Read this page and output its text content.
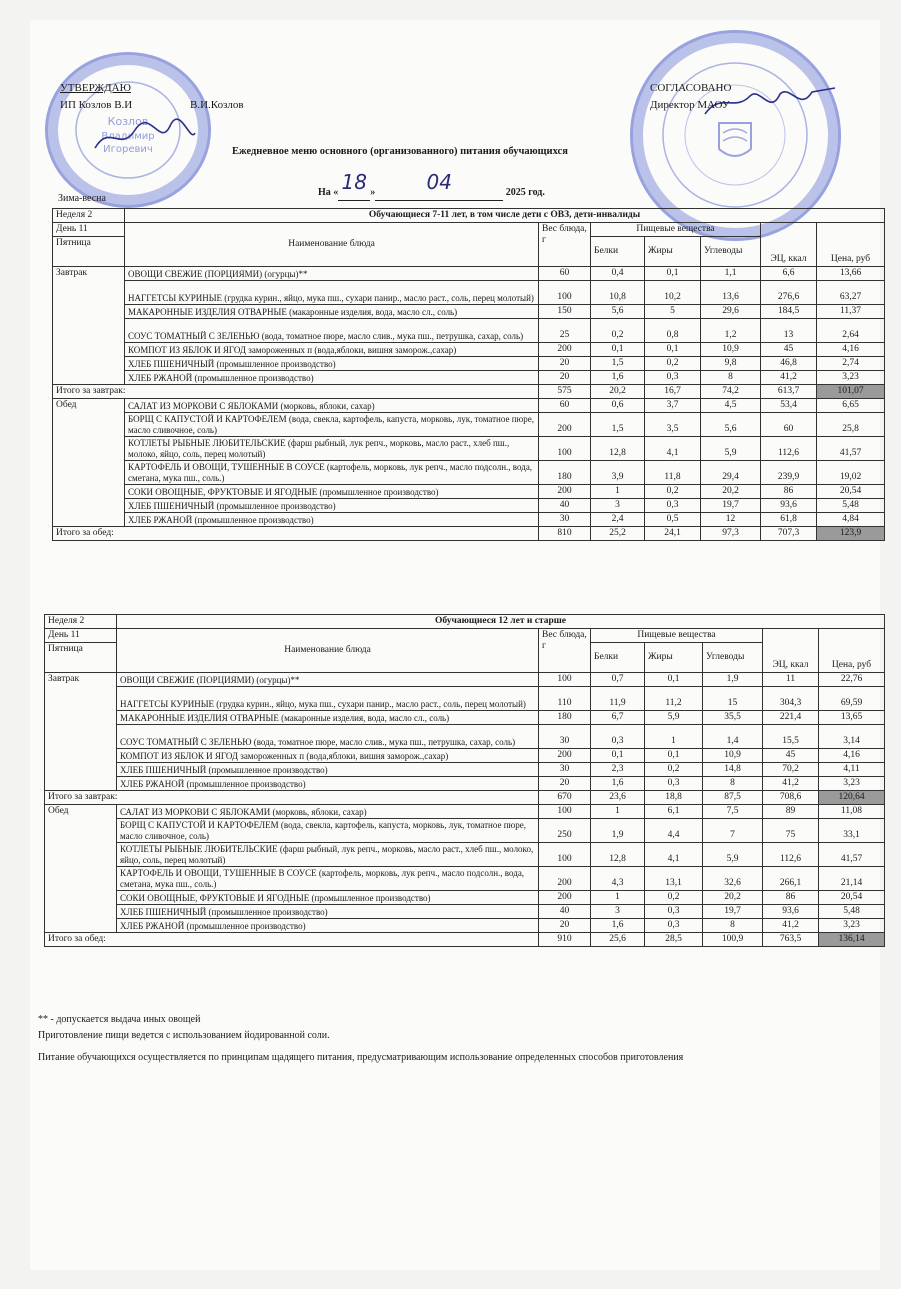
Козлов
Владимир
Игоревич
УТВЕРЖДАЮ
ИП Козлов В.И	В.И.Козлов
СОГЛАСОВАНО
Директор МАОУ
Ежедневное меню основного (организованного) питания обучающихся
На « 18 »	04	2025 год.
Зима-весна
Неделя 2	Обучающиеся 7-11 лет, в том числе дети с ОВЗ, дети-инвалиды						
День 11	Наименование блюда	Вес блюда, г	Пищевые вещества			ЭЦ, ккал	Цена, руб
Пятница			Белки	Жиры	Углеводы		

Завтрак	ОВОЩИ СВЕЖИЕ (ПОРЦИЯМИ) (огурцы)**	60	0,4	0,1	1,1	6,6	13,66
	НАГГЕТСЫ КУРИНЫЕ (грудка курин., яйцо, мука пш., сухари панир., масло раст., соль, перец молотый)	100	10,8	10,2	13,6	276,6	63,27
	МАКАРОННЫЕ ИЗДЕЛИЯ ОТВАРНЫЕ (макаронные изделия, вода, масло сл., соль)	150	5,6	5	29,6	184,5	11,37
	СОУС ТОМАТНЫЙ С ЗЕЛЕНЬЮ (вода, томатное пюре, масло слив., мука пш., петрушка, сахар, соль)	25	0,2	0,8	1,2	13	2,64
	КОМПОТ ИЗ ЯБЛОК И ЯГОД замороженных п (вода,яблоки, вишня заморож.,сахар)	200	0,1	0,1	10,9	45	4,16
	ХЛЕБ ПШЕНИЧНЫЙ (промышленное производство)	20	1,5	0,2	9,8	46,8	2,74
	ХЛЕБ РЖАНОЙ (промышленное производство)	20	1,6	0,3	8	41,2	3,23
Итого за завтрак:		575	20,2	16,7	74,2	613,7	101,07
Обед	САЛАТ ИЗ МОРКОВИ С ЯБЛОКАМИ (морковь, яблоки, сахар)	60	0,6	3,7	4,5	53,4	6,65
	БОРЩ С КАПУСТОЙ И КАРТОФЕЛЕМ (вода, свекла, картофель, капуста, морковь, лук, томатное пюре, масло сливочное, соль)	200	1,5	3,5	5,6	60	25,8
	КОТЛЕТЫ РЫБНЫЕ ЛЮБИТЕЛЬСКИЕ (фарш рыбный, лук репч., морковь, масло раст., хлеб пш., молоко, яйцо, соль, перец молотый)	100	12,8	4,1	5,9	112,6	41,57
	КАРТОФЕЛЬ И ОВОЩИ, ТУШЕННЫЕ В СОУСЕ (картофель, морковь, лук репч., масло подсолн., вода, сметана, мука пш., соль.)	180	3,9	11,8	29,4	239,9	19,02
	СОКИ ОВОЩНЫЕ, ФРУКТОВЫЕ И ЯГОДНЫЕ (промышленное производство)	200	1	0,2	20,2	86	20,54
	ХЛЕБ ПШЕНИЧНЫЙ (промышленное производство)	40	3	0,3	19,7	93,6	5,48
	ХЛЕБ РЖАНОЙ (промышленное производство)	30	2,4	0,5	12	61,8	4,84
Итого за обед:		810	25,2	24,1	97,3	707,3	123,9
Неделя 2	Обучающиеся 12 лет и старше						
День 11	Наименование блюда	Вес блюда, г	Пищевые вещества			ЭЦ, ккал	Цена, руб
Пятница			Белки	Жиры	Углеводы		

Завтрак	ОВОЩИ СВЕЖИЕ (ПОРЦИЯМИ) (огурцы)**	100	0,7	0,1	1,9	11	22,76
	НАГГЕТСЫ КУРИНЫЕ (грудка курин., яйцо, мука пш., сухари панир., масло раст., соль, перец молотый)	110	11,9	11,2	15	304,3	69,59
	МАКАРОННЫЕ ИЗДЕЛИЯ ОТВАРНЫЕ (макаронные изделия, вода, масло сл., соль)	180	6,7	5,9	35,5	221,4	13,65
	СОУС ТОМАТНЫЙ С ЗЕЛЕНЬЮ (вода, томатное пюре, масло слив., мука пш., петрушка, сахар, соль)	30	0,3	1	1,4	15,5	3,14
	КОМПОТ ИЗ ЯБЛОК И ЯГОД замороженных п (вода,яблоки, вишня заморож.,сахар)	200	0,1	0,1	10,9	45	4,16
	ХЛЕБ ПШЕНИЧНЫЙ (промышленное производство)	30	2,3	0,2	14,8	70,2	4,11
	ХЛЕБ РЖАНОЙ (промышленное производство)	20	1,6	0,3	8	41,2	3,23
Итого за завтрак:		670	23,6	18,8	87,5	708,6	120,64
Обед	САЛАТ ИЗ МОРКОВИ С ЯБЛОКАМИ (морковь, яблоки, сахар)	100	1	6,1	7,5	89	11,08
	БОРЩ С КАПУСТОЙ И КАРТОФЕЛЕМ (вода, свекла, картофель, капуста, морковь, лук, томатное пюре, масло сливочное, соль)	250	1,9	4,4	7	75	33,1
	КОТЛЕТЫ РЫБНЫЕ ЛЮБИТЕЛЬСКИЕ (фарш рыбный, лук репч., морковь, масло раст., хлеб пш., молоко, яйцо, соль, перец молотый)	100	12,8	4,1	5,9	112,6	41,57
	КАРТОФЕЛЬ И ОВОЩИ, ТУШЕННЫЕ В СОУСЕ (картофель, морковь, лук репч., масло подсолн., вода, сметана, мука пш., соль.)	200	4,3	13,1	32,6	266,1	21,14
	СОКИ ОВОЩНЫЕ, ФРУКТОВЫЕ И ЯГОДНЫЕ (промышленное производство)	200	1	0,2	20,2	86	20,54
	ХЛЕБ ПШЕНИЧНЫЙ (промышленное производство)	40	3	0,3	19,7	93,6	5,48
	ХЛЕБ РЖАНОЙ (промышленное производство)	20	1,6	0,3	8	41,2	3,23
Итого за обед:		910	25,6	28,5	100,9	763,5	136,14
** - допускается выдача иных овощей
Приготовление пищи ведется с использованием йодированной соли.
Питание обучающихся осуществляется по принципам щадящего питания, предусматривающим использование определенных способов приготовления
